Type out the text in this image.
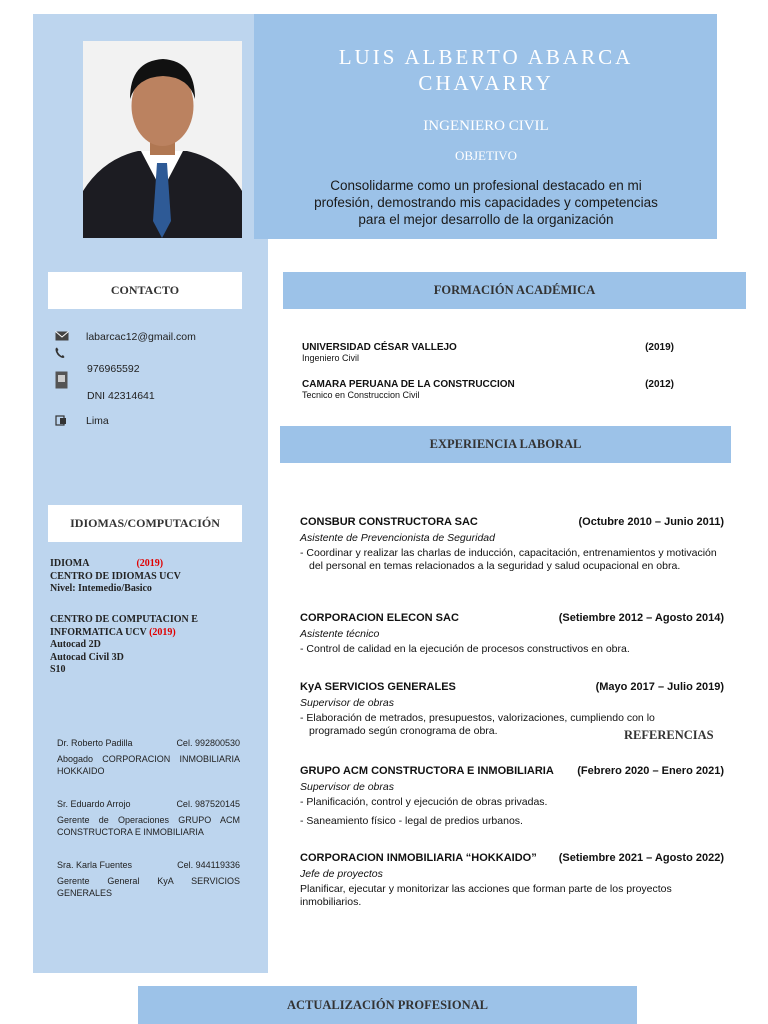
LUIS ALBERTO ABARCA
CHAVARRY
INGENIERO CIVIL
OBJETIVO
Consolidarme como un profesional destacado en mi profesión, demostrando mis capacidades y competencias para el mejor desarrollo de la organización
CONTACTO
labarcac12@gmail.com
976965592
DNI 42314641
Lima
IDIOMAS/COMPUTACIÓN
IDIOMA	(2019)
CENTRO DE IDIOMAS UCV
Nivel: Intemedio/Basico
CENTRO DE COMPUTACION E
INFORMATICA UCV (2019)
Autocad 2D
Autocad Civil 3D
S10
Dr. Roberto Padilla	Cel. 992800530
Abogado CORPORACION INMOBILIARIA HOKKAIDO
Sr. Eduardo Arrojo	Cel. 987520145
Gerente de Operaciones GRUPO ACM CONSTRUCTORA E INMOBILIARIA
Sra. Karla Fuentes	Cel. 944119336
Gerente General KyA SERVICIOS GENERALES
FORMACIÓN ACADÉMICA
UNIVERSIDAD CÉSAR VALLEJO	(2019)
Ingeniero Civil
CAMARA PERUANA DE LA CONSTRUCCION	(2012)
Tecnico en Construccion Civil
EXPERIENCIA LABORAL
CONSBUR CONSTRUCTORA SAC	(Octubre 2010 – Junio 2011)
Asistente de Prevencionista de Seguridad
- Coordinar y realizar las charlas de inducción, capacitación, entrenamientos y motivación del personal en temas relacionados a la seguridad y salud ocupacional en obra.
CORPORACION ELECON SAC	(Setiembre 2012 – Agosto 2014)
Asistente técnico
- Control de calidad en la ejecución de procesos constructivos en obra.
KyA SERVICIOS GENERALES	(Mayo 2017 – Julio 2019)
Supervisor de obras
- Elaboración de metrados, presupuestos, valorizaciones, cumpliendo con lo programado según cronograma de obra.	REFERENCIAS
GRUPO ACM CONSTRUCTORA E INMOBILIARIA (Febrero 2020 – Enero 2021)
Supervisor de obras
- Planificación, control y ejecución de obras privadas.
- Saneamiento físico - legal de predios urbanos.
CORPORACION INMOBILIARIA “HOKKAIDO” (Setiembre 2021 – Agosto 2022)
Jefe de proyectos
Planificar, ejecutar y monitorizar las acciones que forman parte de los proyectos inmobiliarios.
ACTUALIZACIÓN PROFESIONAL
